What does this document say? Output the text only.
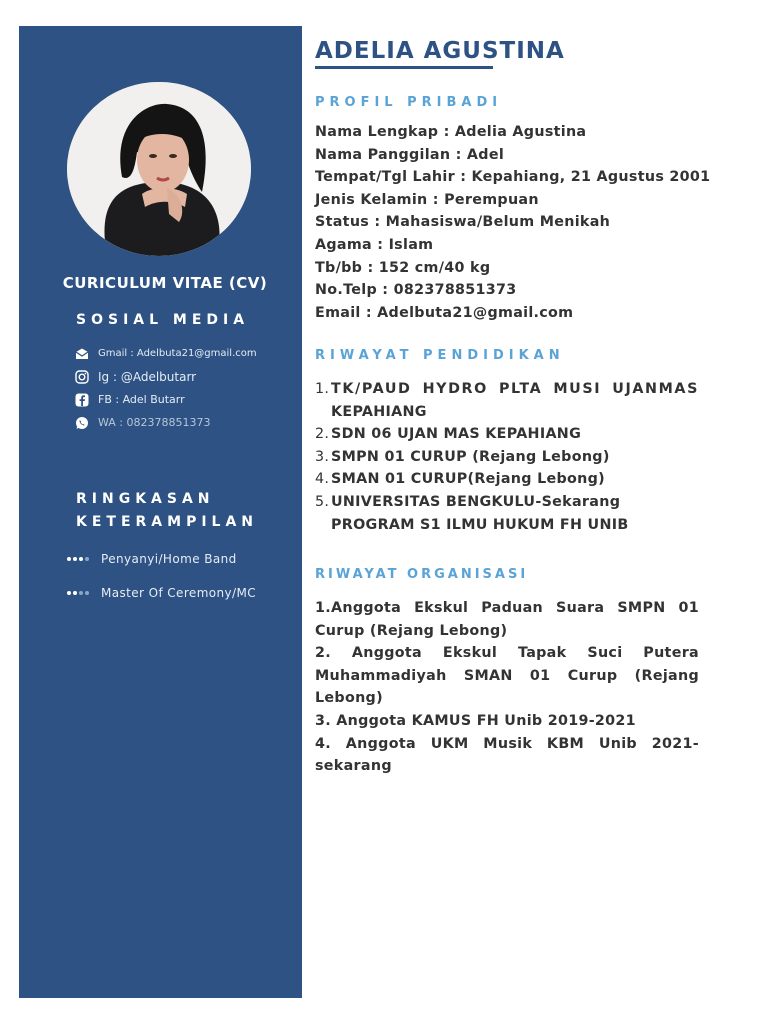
CURICULUM VITAE (CV)
SOSIAL MEDIA
Gmail : Adelbuta21@gmail.com
Ig : @Adelbutarr
FB : Adel Butarr
WA : 082378851373
RINGKASAN
KETERAMPILAN
Penyanyi/Home Band
Master Of Ceremony/MC
ADELIA AGUSTINA
PROFIL PRIBADI
Nama Lengkap : Adelia Agustina
Nama Panggilan : Adel
Tempat/Tgl Lahir : Kepahiang, 21 Agustus 2001
Jenis Kelamin : Perempuan
Status : Mahasiswa/Belum Menikah
Agama : Islam
Tb/bb : 152 cm/40 kg
No.Telp : 082378851373
Email : Adelbuta21@gmail.com
RIWAYAT PENDIDIKAN
1. TK/PAUD HYDRO PLTA MUSI UJANMAS
KEPAHIANG
2. SDN 06 UJAN MAS KEPAHIANG
3. SMPN 01 CURUP (Rejang Lebong)
4. SMAN 01 CURUP(Rejang Lebong)
5. UNIVERSITAS BENGKULU-Sekarang
PROGRAM S1 ILMU HUKUM FH UNIB
RIWAYAT ORGANISASI
1.Anggota Ekskul Paduan Suara SMPN 01 Curup (Rejang Lebong)
2. Anggota Ekskul Tapak Suci Putera Muhammadiyah SMAN 01 Curup (Rejang Lebong)
3. Anggota KAMUS FH Unib 2019-2021
4. Anggota UKM Musik KBM Unib 2021-sekarang
